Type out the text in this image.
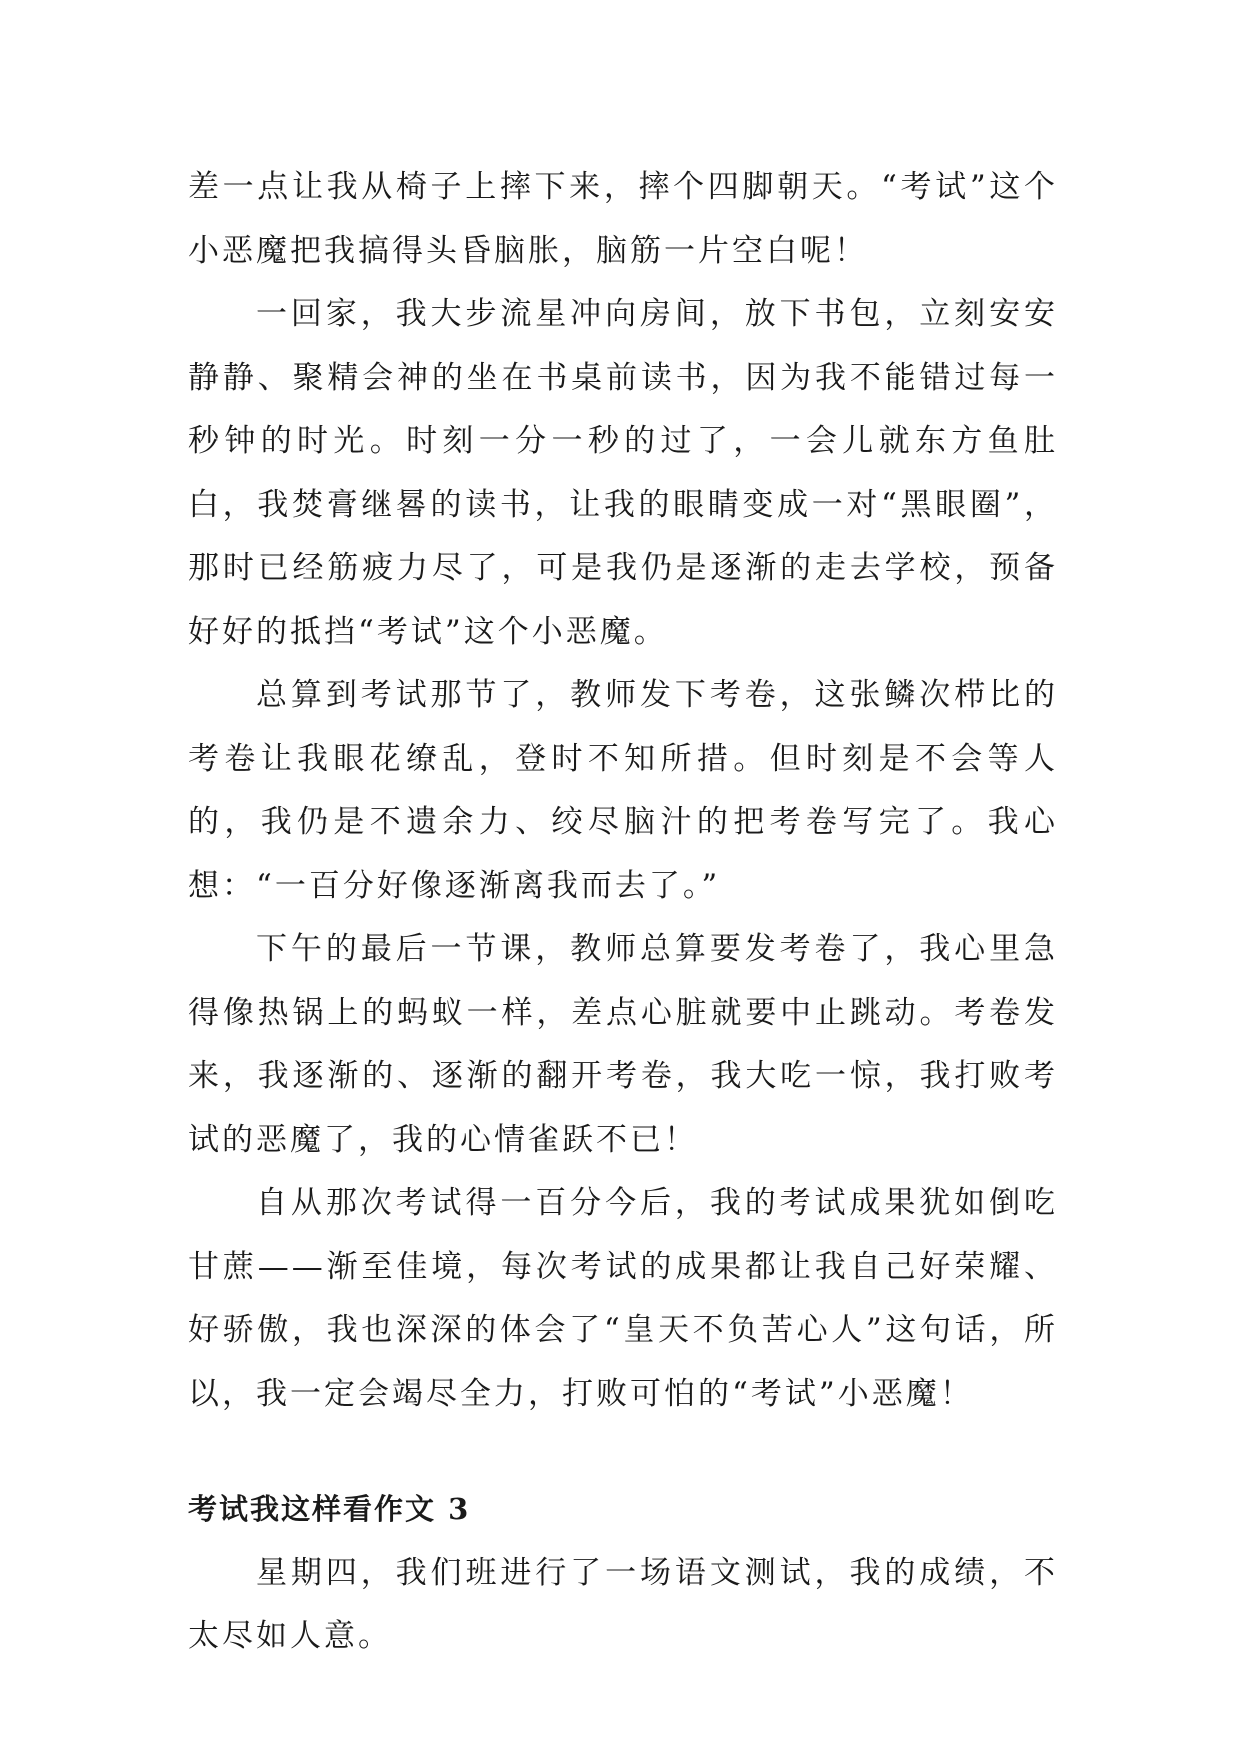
差一点让我从椅子上摔下来，摔个四脚朝天。“考试”这个小恶魔把我搞得头昏脑胀，脑筋一片空白呢！

一回家，我大步流星冲向房间，放下书包，立刻安安静静、聚精会神的坐在书桌前读书，因为我不能错过每一秒钟的时光。时刻一分一秒的过了，一会儿就东方鱼肚白，我焚膏继晷的读书，让我的眼睛变成一对“黑眼圈”，那时已经筋疲力尽了，可是我仍是逐渐的走去学校，预备好好的抵挡“考试”这个小恶魔。

总算到考试那节了，教师发下考卷，这张鳞次栉比的考卷让我眼花缭乱，登时不知所措。但时刻是不会等人的，我仍是不遗余力、绞尽脑汁的把考卷写完了。我心想：“一百分好像逐渐离我而去了。”

下午的最后一节课，教师总算要发考卷了，我心里急得像热锅上的蚂蚁一样，差点心脏就要中止跳动。考卷发来，我逐渐的、逐渐的翻开考卷，我大吃一惊，我打败考试的恶魔了，我的心情雀跃不已！

自从那次考试得一百分今后，我的考试成果犹如倒吃甘蔗——渐至佳境，每次考试的成果都让我自己好荣耀、好骄傲，我也深深的体会了“皇天不负苦心人”这句话，所以，我一定会竭尽全力，打败可怕的“考试”小恶魔！

考试我这样看作文 3

星期四，我们班进行了一场语文测试，我的成绩，不太尽如人意。
